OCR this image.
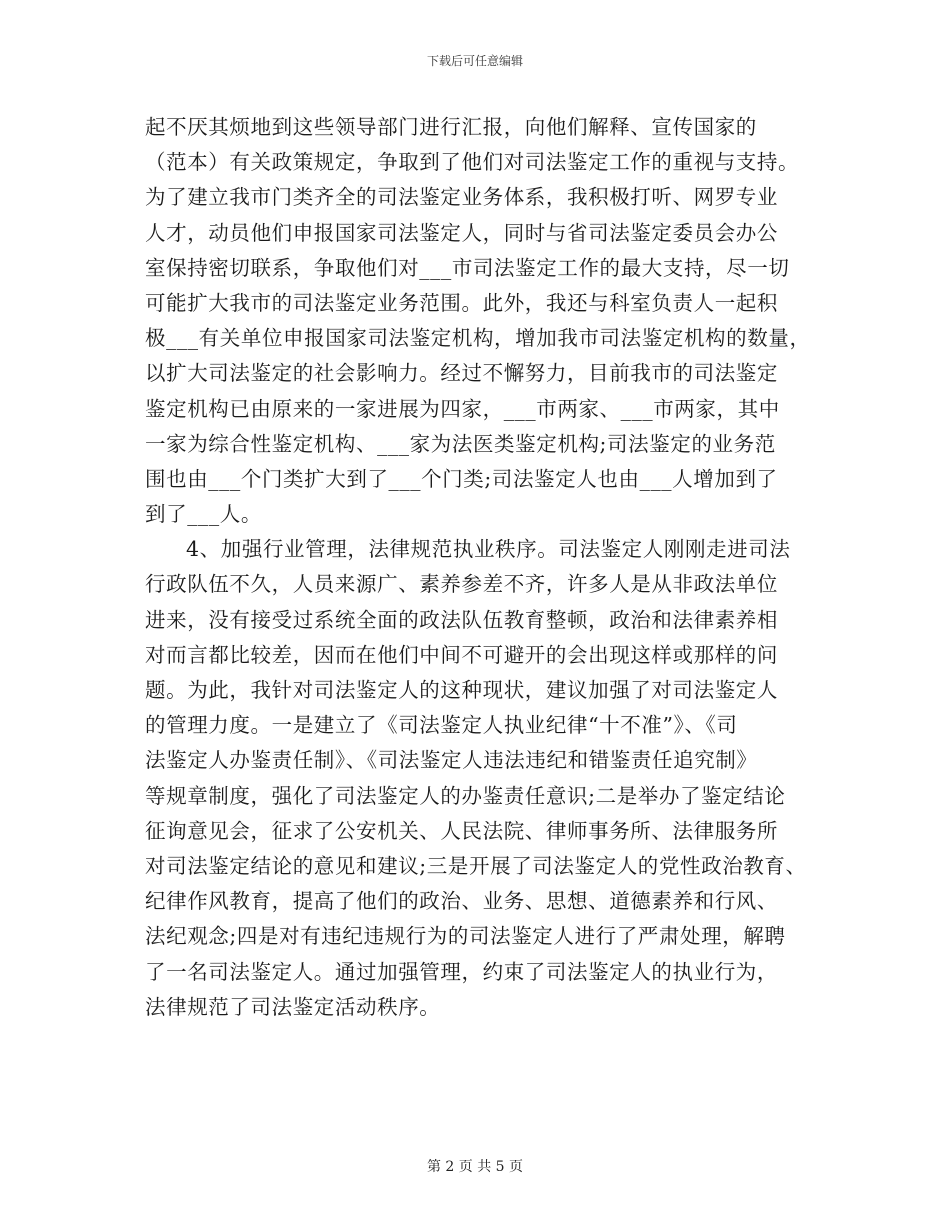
下载后可任意编辑
起不厌其烦地到这些领导部门进行汇报，向他们解释、宣传国家的
（范本）有关政策规定，争取到了他们对司法鉴定工作的重视与支持。
为了建立我市门类齐全的司法鉴定业务体系，我积极打听、网罗专业
人才，动员他们申报国家司法鉴定人，同时与省司法鉴定委员会办公
室保持密切联系，争取他们对___市司法鉴定工作的最大支持，尽一切
可能扩大我市的司法鉴定业务范围。此外，我还与科室负责人一起积
极___有关单位申报国家司法鉴定机构，增加我市司法鉴定机构的数量，
以扩大司法鉴定的社会影响力。经过不懈努力，目前我市的司法鉴定
鉴定机构已由原来的一家进展为四家，___市两家、___市两家，其中
一家为综合性鉴定机构、___家为法医类鉴定机构;司法鉴定的业务范
围也由___个门类扩大到了___个门类;司法鉴定人也由___人增加到了
到了___人。
4、加强行业管理，法律规范执业秩序。司法鉴定人刚刚走进司法
行政队伍不久，人员来源广、素养参差不齐，许多人是从非政法单位
进来，没有接受过系统全面的政法队伍教育整顿，政治和法律素养相
对而言都比较差，因而在他们中间不可避开的会出现这样或那样的问
题。为此，我针对司法鉴定人的这种现状，建议加强了对司法鉴定人
的管理力度。一是建立了《司法鉴定人执业纪律“十不准”》、《司
法鉴定人办鉴责任制》、《司法鉴定人违法违纪和错鉴责任追究制》
等规章制度，强化了司法鉴定人的办鉴责任意识;二是举办了鉴定结论
征询意见会，征求了公安机关、人民法院、律师事务所、法律服务所
对司法鉴定结论的意见和建议;三是开展了司法鉴定人的党性政治教育、
纪律作风教育，提高了他们的政治、业务、思想、道德素养和行风、
法纪观念;四是对有违纪违规行为的司法鉴定人进行了严肃处理，解聘
了一名司法鉴定人。通过加强管理，约束了司法鉴定人的执业行为，
法律规范了司法鉴定活动秩序。
第 2 页 共 5 页
